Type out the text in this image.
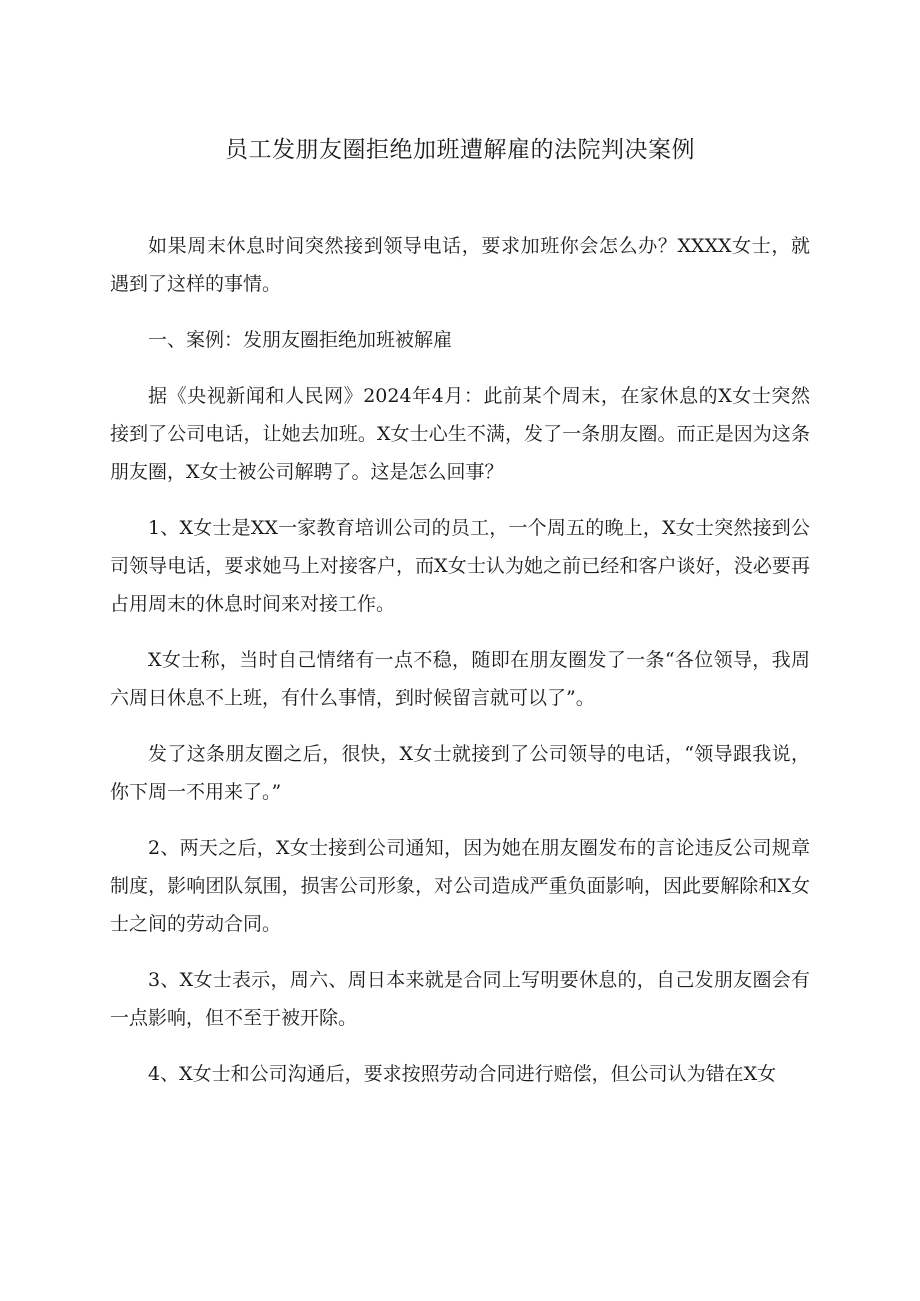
员工发朋友圈拒绝加班遭解雇的法院判决案例

如果周末休息时间突然接到领导电话，要求加班你会怎么办？XXXX女士，就遇到了这样的事情。

一、案例：发朋友圈拒绝加班被解雇

据《央视新闻和人民网》2024年4月：此前某个周末，在家休息的X女士突然接到了公司电话，让她去加班。X女士心生不满，发了一条朋友圈。而正是因为这条朋友圈，X女士被公司解聘了。这是怎么回事？

1、X女士是XX一家教育培训公司的员工，一个周五的晚上，X女士突然接到公司领导电话，要求她马上对接客户，而X女士认为她之前已经和客户谈好，没必要再占用周末的休息时间来对接工作。

X女士称，当时自己情绪有一点不稳，随即在朋友圈发了一条“各位领导，我周六周日休息不上班，有什么事情，到时候留言就可以了”。

发了这条朋友圈之后，很快，X女士就接到了公司领导的电话，“领导跟我说，你下周一不用来了。”

2、两天之后，X女士接到公司通知，因为她在朋友圈发布的言论违反公司规章制度，影响团队氛围，损害公司形象，对公司造成严重负面影响，因此要解除和X女士之间的劳动合同。

3、X女士表示，周六、周日本来就是合同上写明要休息的，自己发朋友圈会有一点影响，但不至于被开除。

4、X女士和公司沟通后，要求按照劳动合同进行赔偿，但公司认为错在X女
